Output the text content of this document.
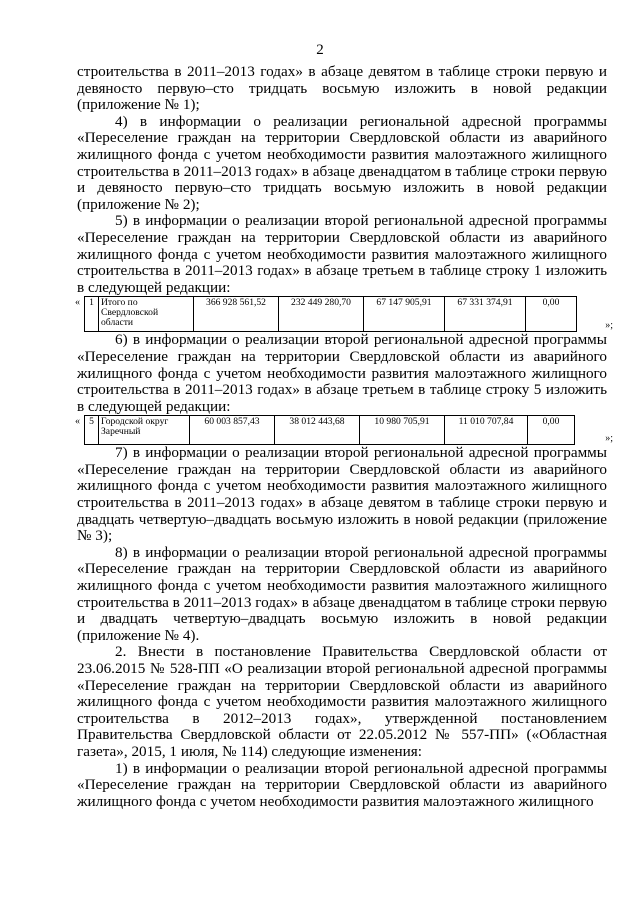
2

строительства в 2011–2013 годах» в абзаце девятом в таблице строки первую и девяносто первую–сто тридцать восьмую изложить в новой редакции (приложение № 1);

4) в информации о реализации региональной адресной программы «Переселение граждан на территории Свердловской области из аварийного жилищного фонда с учетом необходимости развития малоэтажного жилищного строительства в 2011–2013 годах» в абзаце двенадцатом в таблице строки первую и девяносто первую–сто тридцать восьмую изложить в новой редакции (приложение № 2);

5) в информации о реализации второй региональной адресной программы «Переселение граждан на территории Свердловской области из аварийного жилищного фонда с учетом необходимости развития малоэтажного жилищного строительства в 2011–2013 годах» в абзаце третьем в таблице строку 1 изложить в следующей редакции:

« 1	Итого по Свердловской области	366 928 561,52	232 449 280,70	67 147 905,91	67 331 374,91	0,00
»;

6) в информации о реализации второй региональной адресной программы «Переселение граждан на территории Свердловской области из аварийного жилищного фонда с учетом необходимости развития малоэтажного жилищного строительства в 2011–2013 годах» в абзаце третьем в таблице строку 5 изложить в следующей редакции:

« 5	Городской округ Заречный	60 003 857,43	38 012 443,68	10 980 705,91	11 010 707,84	0,00
»;

7) в информации о реализации второй региональной адресной программы «Переселение граждан на территории Свердловской области из аварийного жилищного фонда с учетом необходимости развития малоэтажного жилищного строительства в 2011–2013 годах» в абзаце девятом в таблице строки первую и двадцать четвертую–двадцать восьмую изложить в новой редакции (приложение № 3);

8) в информации о реализации второй региональной адресной программы «Переселение граждан на территории Свердловской области из аварийного жилищного фонда с учетом необходимости развития малоэтажного жилищного строительства в 2011–2013 годах» в абзаце двенадцатом в таблице строки первую и двадцать четвертую–двадцать восьмую изложить в новой редакции (приложение № 4).

2. Внести в постановление Правительства Свердловской области от 23.06.2015 № 528-ПП «О реализации второй региональной адресной программы «Переселение граждан на территории Свердловской области из аварийного жилищного фонда с учетом необходимости развития малоэтажного жилищного строительства в 2012–2013 годах», утвержденной постановлением Правительства Свердловской области от 22.05.2012 № 557-ПП» («Областная газета», 2015, 1 июля, № 114) следующие изменения:

1) в информации о реализации второй региональной адресной программы «Переселение граждан на территории Свердловской области из аварийного жилищного фонда с учетом необходимости развития малоэтажного жилищного
